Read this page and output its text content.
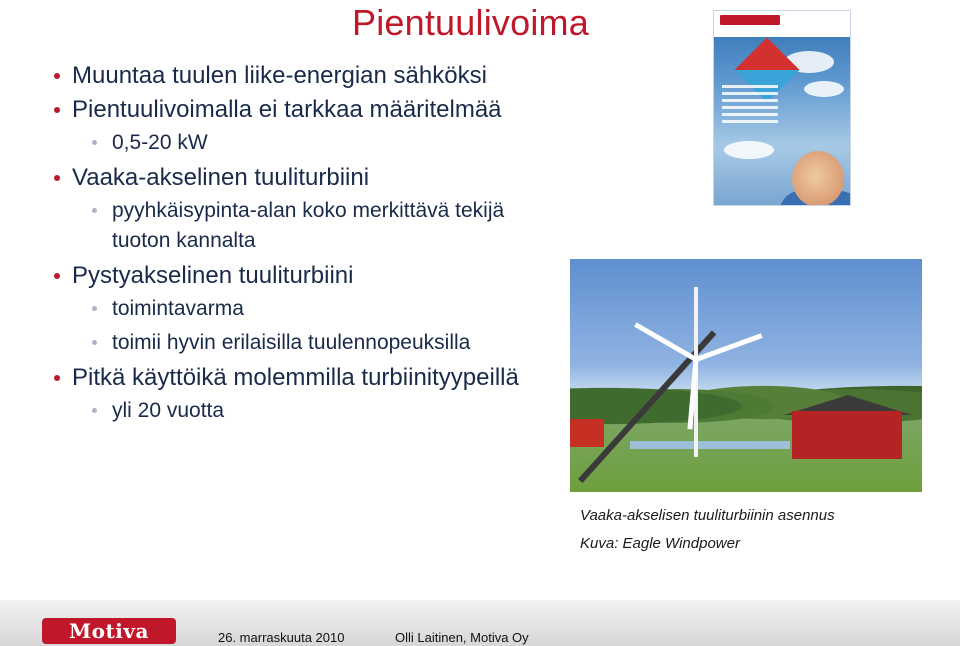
Pientuulivoima
Muuntaa tuulen liike-energian sähköksi
Pientuulivoimalla ei tarkkaa määritelmää
0,5-20 kW
Vaaka-akselinen tuuliturbiini
pyyhkäisypinta-alan koko merkittävä tekijä tuoton kannalta
Pystyakselinen tuuliturbiini
toimintavarma
toimii hyvin erilaisilla tuulennopeuksilla
Pitkä käyttöikä molemmilla turbiinityypeillä
yli 20 vuotta
Vaaka-akselisen tuuliturbiinin asennus
Kuva: Eagle Windpower
Motiva	26. marraskuuta 2010	Olli Laitinen, Motiva Oy
